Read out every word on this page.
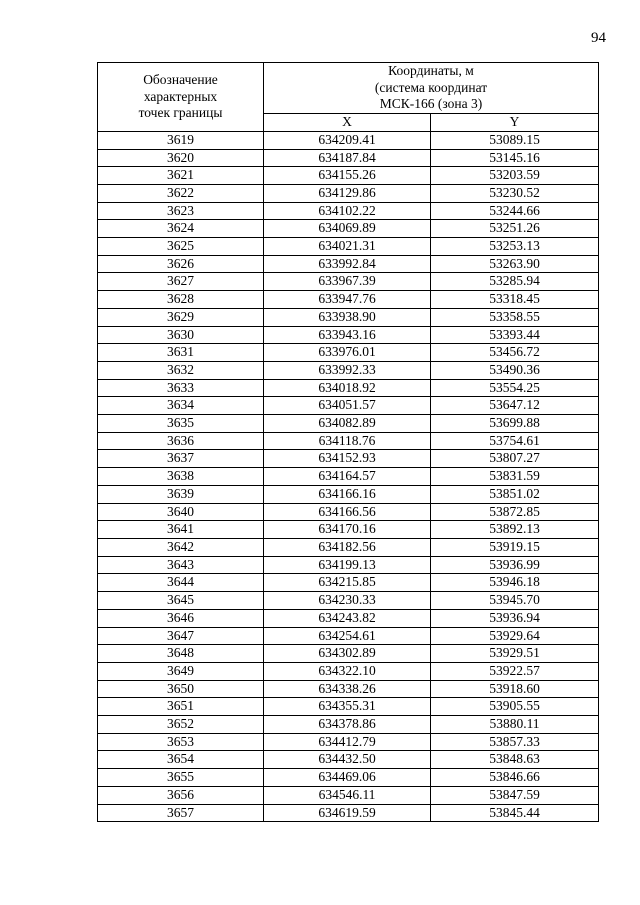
94
Обозначение
характерных
точек границы	Координаты, м
(система координат
МСК-166 (зона 3)	

	X	Y
3619	634209.41	53089.15
3620	634187.84	53145.16
3621	634155.26	53203.59
3622	634129.86	53230.52
3623	634102.22	53244.66
3624	634069.89	53251.26
3625	634021.31	53253.13
3626	633992.84	53263.90
3627	633967.39	53285.94
3628	633947.76	53318.45
3629	633938.90	53358.55
3630	633943.16	53393.44
3631	633976.01	53456.72
3632	633992.33	53490.36
3633	634018.92	53554.25
3634	634051.57	53647.12
3635	634082.89	53699.88
3636	634118.76	53754.61
3637	634152.93	53807.27
3638	634164.57	53831.59
3639	634166.16	53851.02
3640	634166.56	53872.85
3641	634170.16	53892.13
3642	634182.56	53919.15
3643	634199.13	53936.99
3644	634215.85	53946.18
3645	634230.33	53945.70
3646	634243.82	53936.94
3647	634254.61	53929.64
3648	634302.89	53929.51
3649	634322.10	53922.57
3650	634338.26	53918.60
3651	634355.31	53905.55
3652	634378.86	53880.11
3653	634412.79	53857.33
3654	634432.50	53848.63
3655	634469.06	53846.66
3656	634546.11	53847.59
3657	634619.59	53845.44
